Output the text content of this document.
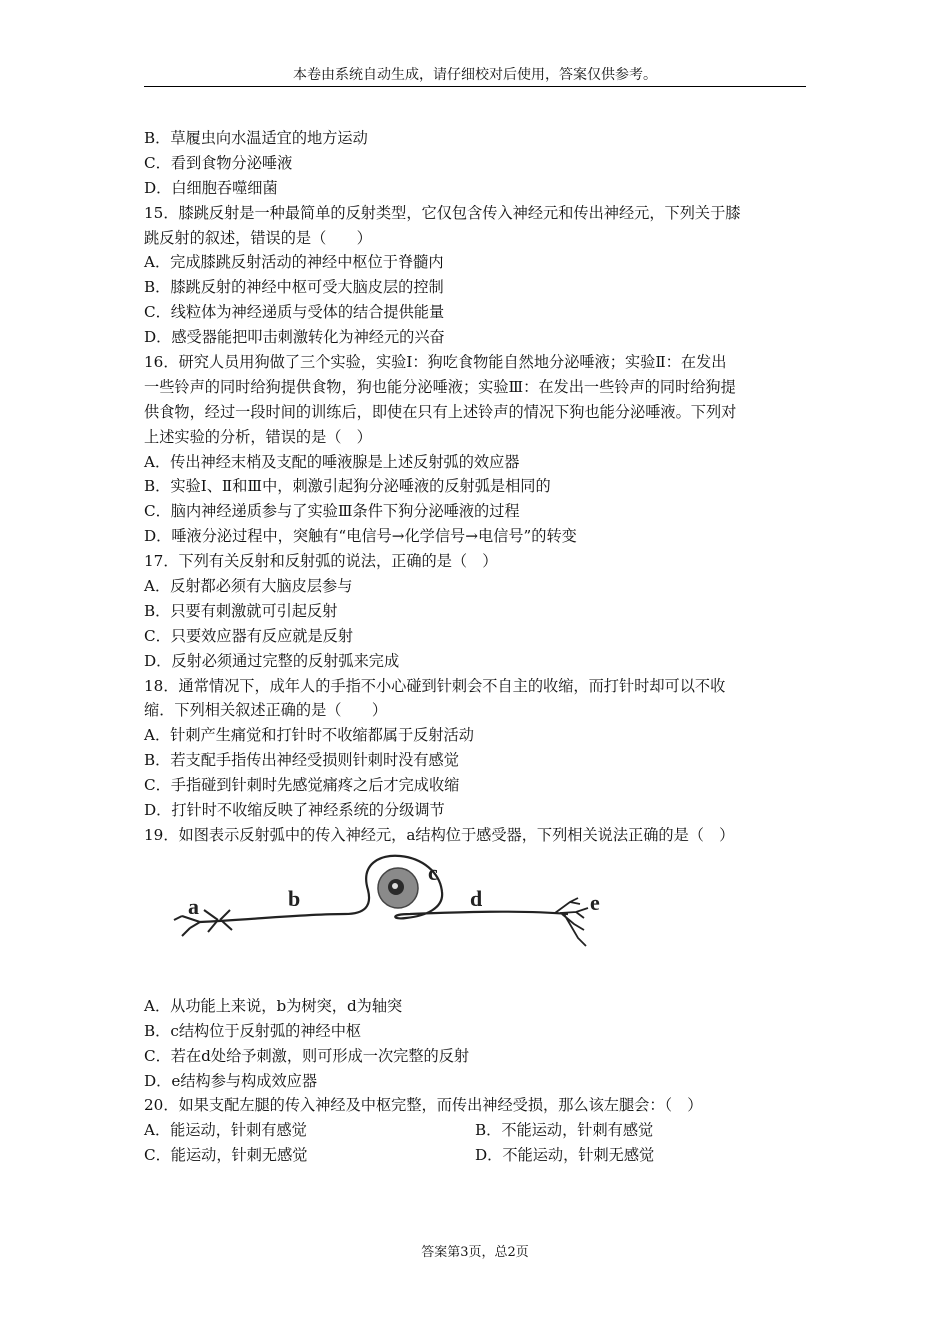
本卷由系统自动生成，请仔细校对后使用，答案仅供参考。
B．草履虫向水温适宜的地方运动
C．看到食物分泌唾液
D．白细胞吞噬细菌
15．膝跳反射是一种最简单的反射类型，它仅包含传入神经元和传出神经元，下列关于膝
跳反射的叙述，错误的是（　　）
A．完成膝跳反射活动的神经中枢位于脊髓内
B．膝跳反射的神经中枢可受大脑皮层的控制
C．线粒体为神经递质与受体的结合提供能量
D．感受器能把叩击刺激转化为神经元的兴奋
16．研究人员用狗做了三个实验，实验Ⅰ：狗吃食物能自然地分泌唾液；实验Ⅱ：在发出
一些铃声的同时给狗提供食物，狗也能分泌唾液；实验Ⅲ：在发出一些铃声的同时给狗提
供食物，经过一段时间的训练后，即使在只有上述铃声的情况下狗也能分泌唾液。下列对
上述实验的分析，错误的是（　）
A．传出神经末梢及支配的唾液腺是上述反射弧的效应器
B．实验Ⅰ、Ⅱ和Ⅲ中，刺激引起狗分泌唾液的反射弧是相同的
C．脑内神经递质参与了实验Ⅲ条件下狗分泌唾液的过程
D．唾液分泌过程中，突触有“电信号→化学信号→电信号”的转变
17．下列有关反射和反射弧的说法，正确的是（　）
A．反射都必须有大脑皮层参与
B．只要有刺激就可引起反射
C．只要效应器有反应就是反射
D．反射必须通过完整的反射弧来完成
18．通常情况下，成年人的手指不小心碰到针刺会不自主的收缩，而打针时却可以不收
缩．下列相关叙述正确的是（　　）
A．针刺产生痛觉和打针时不收缩都属于反射活动
B．若支配手指传出神经受损则针刺时没有感觉
C．手指碰到针刺时先感觉痛疼之后才完成收缩
D．打针时不收缩反映了神经系统的分级调节
19．如图表示反射弧中的传入神经元，a结构位于感受器，下列相关说法正确的是（　）
a	b
c
d	e
A．从功能上来说，b为树突，d为轴突
B．c结构位于反射弧的神经中枢
C．若在d处给予刺激，则可形成一次完整的反射
D．e结构参与构成效应器
20．如果支配左腿的传入神经及中枢完整，而传出神经受损，那么该左腿会：（　）
A．能运动，针刺有感觉	B．不能运动，针刺有感觉
C．能运动，针刺无感觉	D．不能运动，针刺无感觉
答案第3页，总2页
